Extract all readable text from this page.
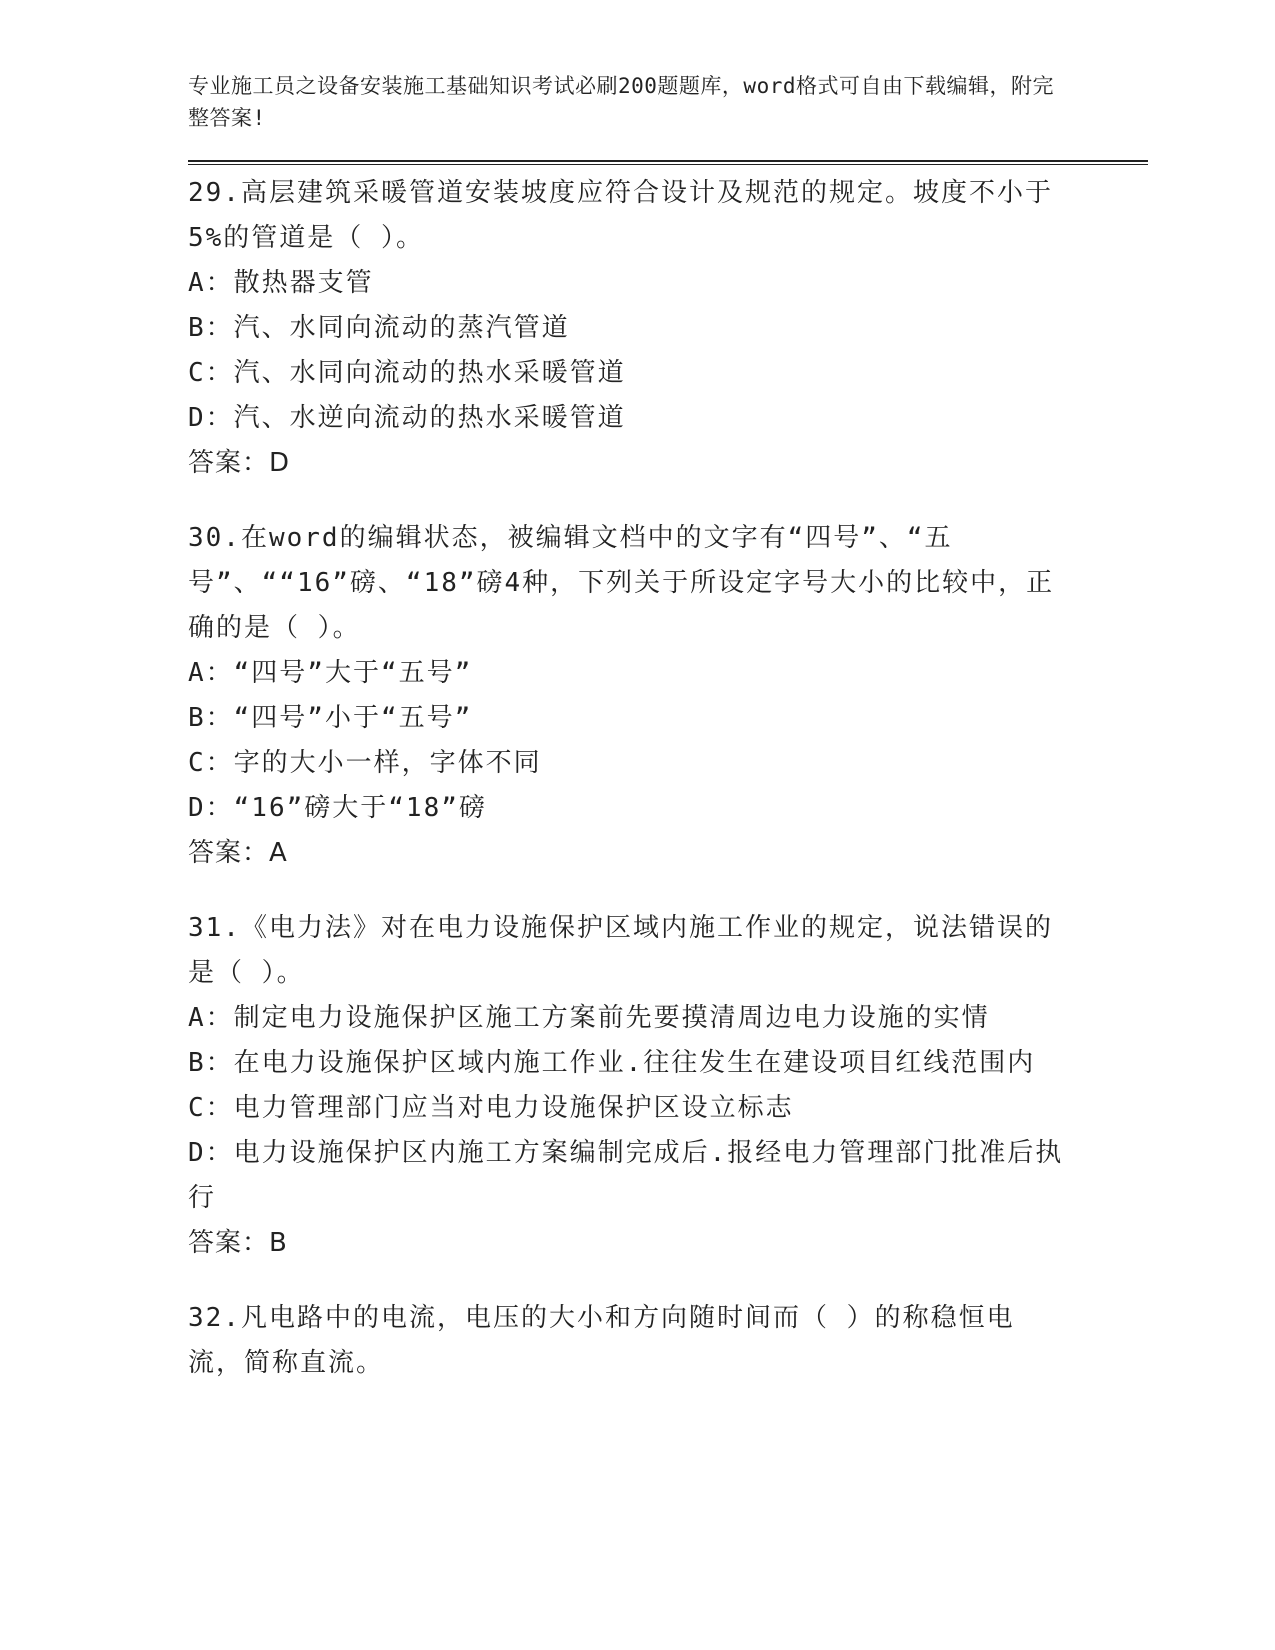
专业施工员之设备安装施工基础知识考试必刷200题题库，word格式可自由下载编辑，附完整答案!
29.高层建筑采暖管道安装坡度应符合设计及规范的规定。坡度不小于5%的管道是（ ）。
A：散热器支管
B：汽、水同向流动的蒸汽管道
C：汽、水同向流动的热水采暖管道
D：汽、水逆向流动的热水采暖管道
答案：D
30.在word的编辑状态，被编辑文档中的文字有“四号”、“五号”、““16”磅、“18”磅4种，下列关于所设定字号大小的比较中，正确的是（ ）。
A：“四号”大于“五号”
B：“四号”小于“五号”
C：字的大小一样，字体不同
D：“16”磅大于“18”磅
答案：A
31.《电力法》对在电力设施保护区域内施工作业的规定，说法错误的是（ ）。
A：制定电力设施保护区施工方案前先要摸清周边电力设施的实情
B：在电力设施保护区域内施工作业.往往发生在建设项目红线范围内
C：电力管理部门应当对电力设施保护区设立标志
D：电力设施保护区内施工方案编制完成后.报经电力管理部门批准后执行
答案：B
32.凡电路中的电流，电压的大小和方向随时间而（ ）的称稳恒电流，简称直流。
